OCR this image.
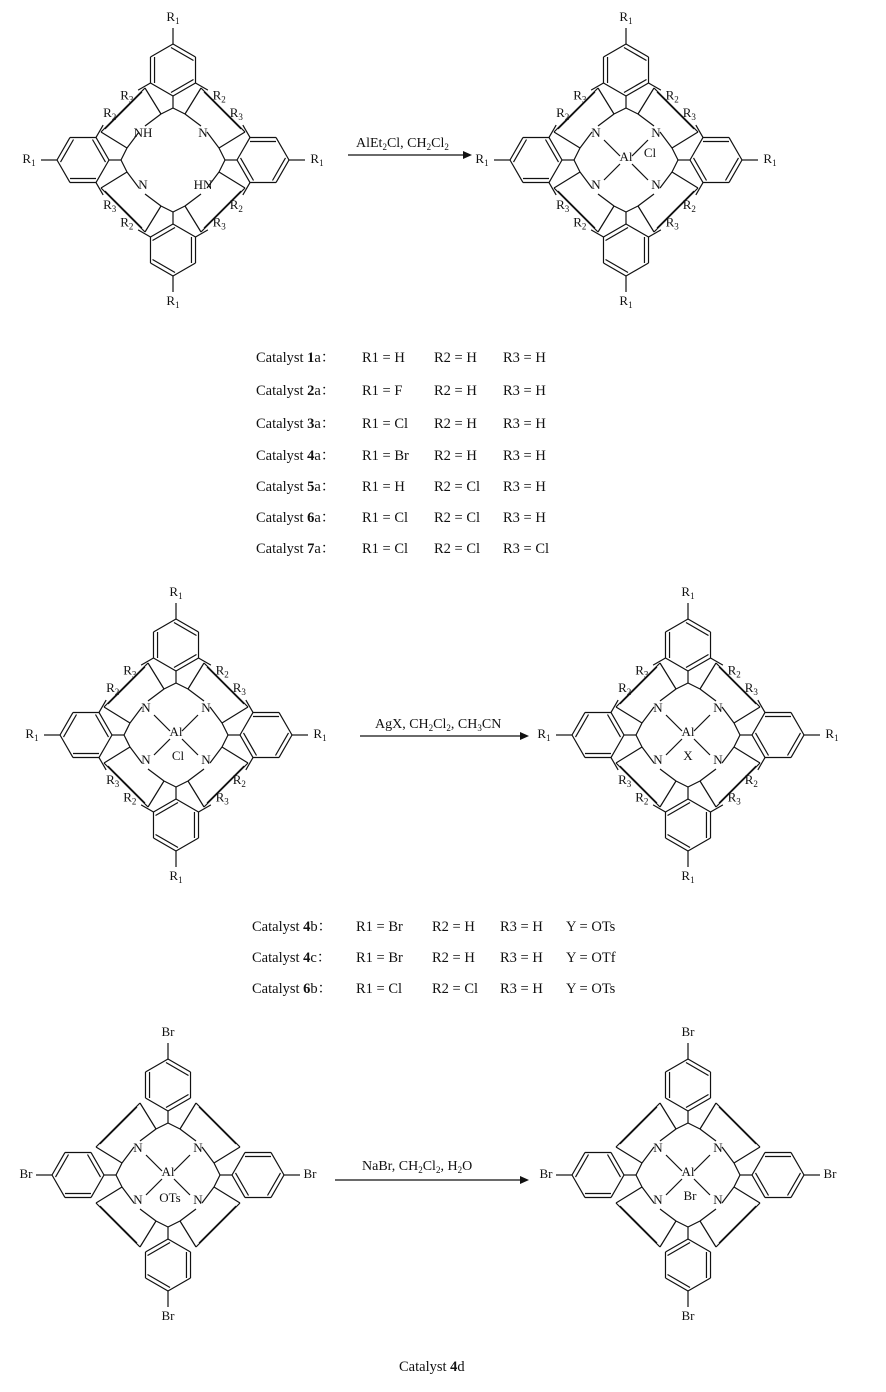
NH	N
HN
N
$R_1$
$R_3$	$R_2$
$R_1$
$R_3$
$R_2$
$R_1$
$R_3$
$R_2$
$R_1$
$R_3$
$R_2$
N	N
N
N
Al Cl
$R_1$
$R_3$	$R_2$
$R_1$
$R_3$
$R_2$
$R_1$
$R_3$
$R_2$
$R_1$
$R_3$
$R_2$
N	N
N
N
Al
Cl
$R_1$
$R_3$	$R_2$
$R_1$
$R_3$
$R_2$
$R_1$
$R_3$
$R_2$
$R_1$
$R_3$
$R_2$
N	N
N
N
Al
X
$R_1$
$R_3$	$R_2$
$R_1$
$R_3$
$R_2$
$R_1$
$R_3$
$R_2$
$R_1$
$R_3$
$R_2$
N	N
N
N
Al
OTs
Br
Br
Br
Br
N	N
N
N
Al
Br
Br
Br
Br
Br
AlEt$_2$Cl, $CH_2Cl_2$
AgX, $CH_2Cl_2$, $CH_3CN$
NaBr, $CH_2Cl_2$, $H_2O$
Catalyst 1a： R1 = H R2 = H R3 = H
Catalyst 2a： R1 = F R2 = H R3 = H
Catalyst 3a： R1 = Cl R2 = H R3 = H
Catalyst 4a： R1 = Br R2 = H R3 = H
Catalyst 5a： R1 = H R2 = Cl R3 = H
Catalyst 6a： R1 = Cl R2 = Cl R3 = H
Catalyst 7a： R1 = Cl R2 = Cl R3 = Cl
Catalyst 4b： R1 = Br R2 = H R3 = H Y = OTs
Catalyst 4c： R1 = Br R2 = H R3 = H Y = OTf
Catalyst 6b： R1 = Cl R2 = Cl R3 = H Y = OTs
Catalyst 4d
